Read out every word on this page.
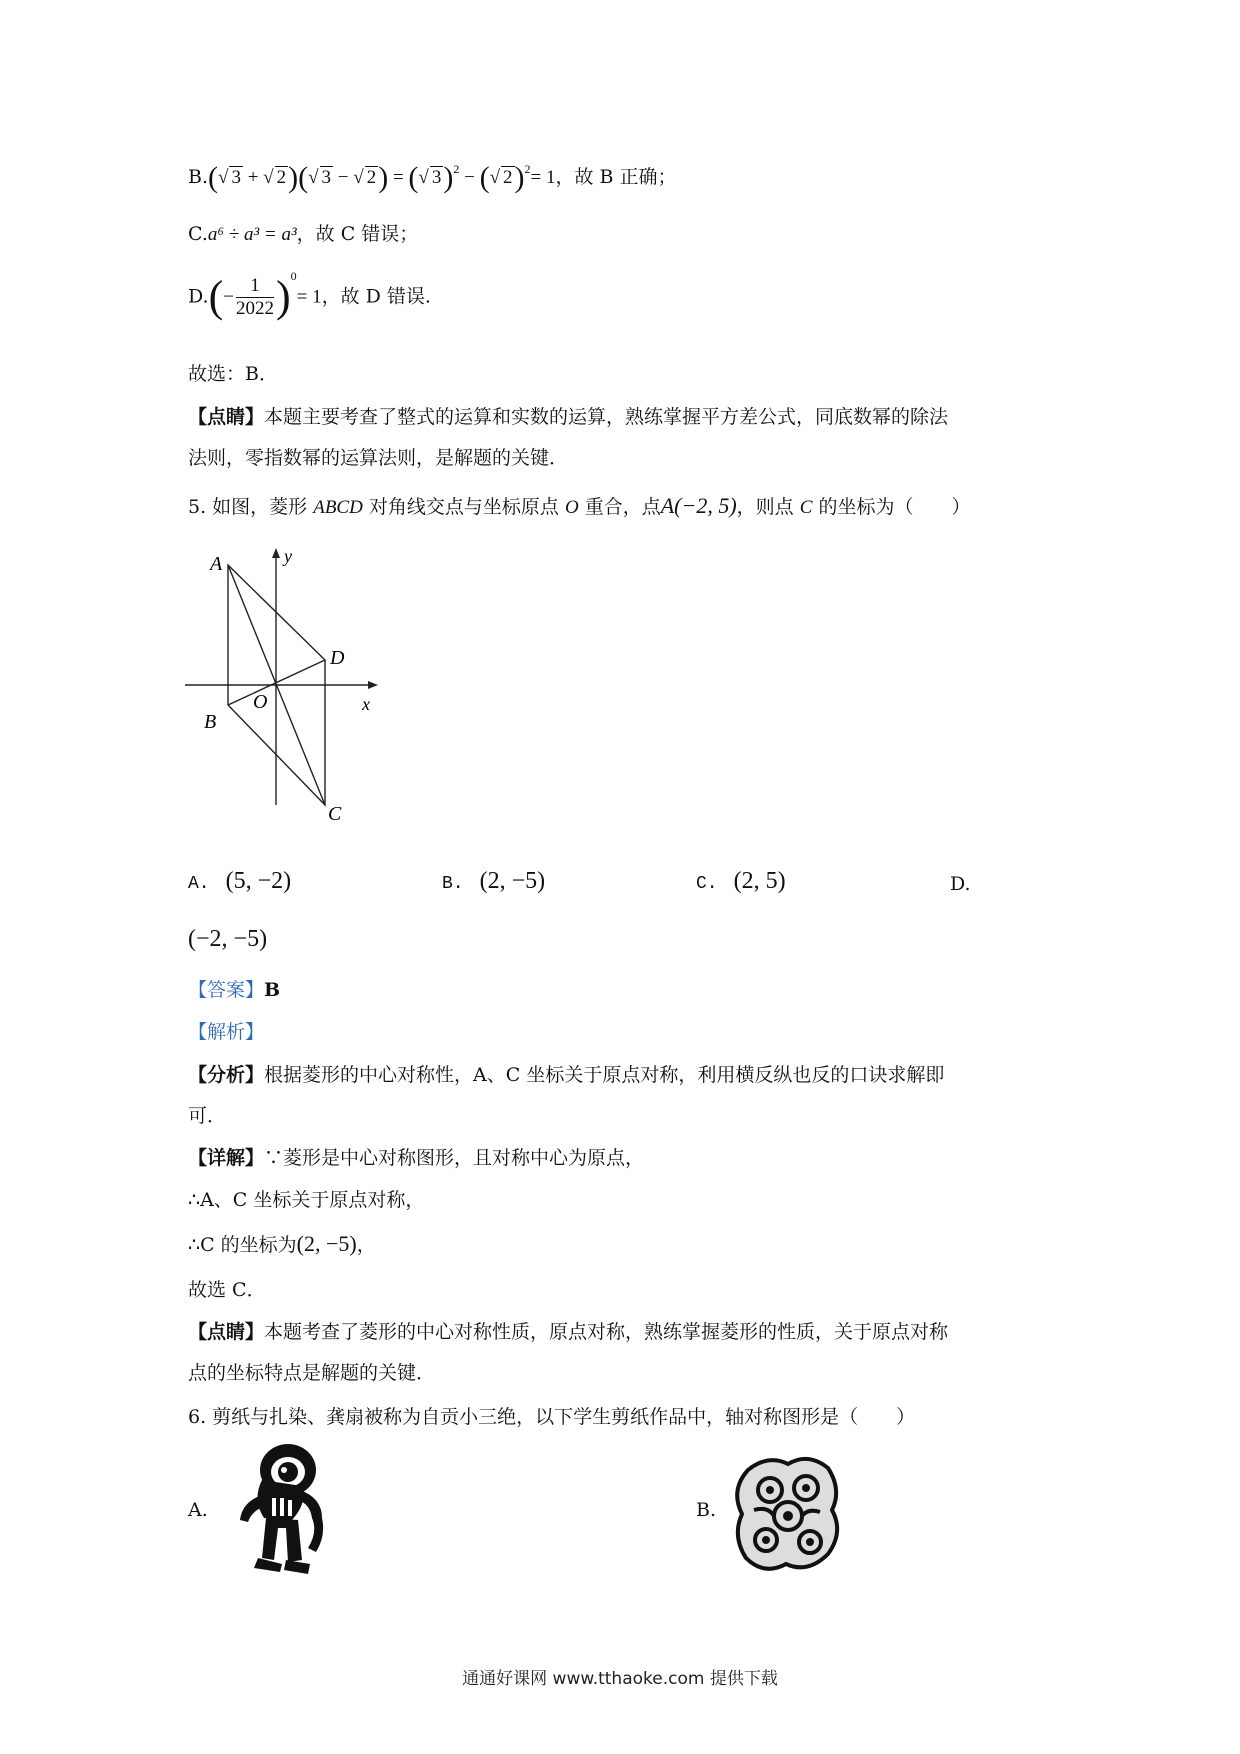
B.(√ 3 + √ 2)(√ 3 − √ 2) = (√ 3)$^2$ − (√ 2)$^2$= 1，故 B 正确；
C.a⁶ ÷ a³ = a³，故 C 错误；
$D.(- \frac{1}{2022} )^0= 1$，故 D 错误.
故选：B．
【点睛】本题主要考查了整式的运算和实数的运算，熟练掌握平方差公式，同底数幂的除法
法则，零指数幂的运算法则，是解题的关键．
5. 如图，菱形 ABCD 对角线交点与坐标原点 O 重合，点A(−2, 5)，则点 C 的坐标为（　　）
A
B
C
D
O	x
y
A. (5, −2)	B. (2, −5)	C. (2, 5)	D.
(−2, −5)
【答案】B
【解析】
【分析】根据菱形的中心对称性，A、C 坐标关于原点对称，利用横反纵也反的口诀求解即
可．
【详解】∵菱形是中心对称图形，且对称中心为原点，
∴A、C 坐标关于原点对称，
∴C 的坐标为(2, −5)，
故选 C．
【点睛】本题考查了菱形的中心对称性质，原点对称，熟练掌握菱形的性质，关于原点对称
点的坐标特点是解题的关键．
6. 剪纸与扎染、龚扇被称为自贡小三绝，以下学生剪纸作品中，轴对称图形是（　　）
A.	B.
通通好课网 www.tthaoke.com 提供下载
